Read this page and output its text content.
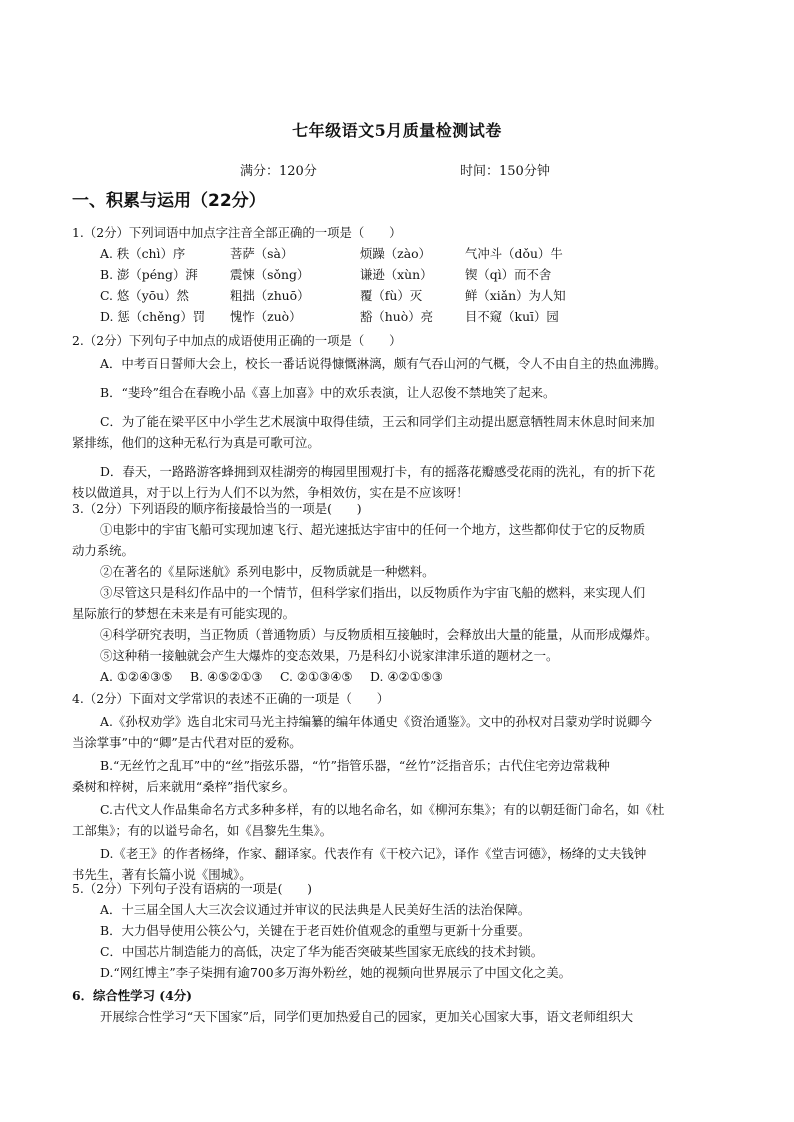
七年级语文5月质量检测试卷
满分：120分	时间：150分钟
一、积累与运用（22分）

1.（2分）下列词语中加点字注音全部正确的一项是（　　）

A. 秩（chì）序	菩萨（sà）	烦躁（zào）	气冲斗（dǒu）牛
B. 澎（péng）湃	震悚（sǒng）	谦逊（xùn）	锲（qì）而不舍
C. 悠（yōu）然	粗拙（zhuō）	覆（fù）灭	鲜（xiǎn）为人知
D. 惩（chěng）罚	愧怍（zuò）	豁（huò）亮	目不窥（kuī）园

2.（2分）下列句子中加点的成语使用正确的一项是（　　）

A．中考百日誓师大会上，校长一番话说得慷慨淋漓，颇有气吞山河的气概，令人不由自主的热血沸腾。

B．“斐玲”组合在春晚小品《喜上加喜》中的欢乐表演，让人忍俊不禁地笑了起来。

C．为了能在梁平区中小学生艺术展演中取得佳绩，王云和同学们主动提出愿意牺牲周末休息时间来加

紧排练，他们的这种无私行为真是可歌可泣。

D．春天，一路路游客蜂拥到双桂湖旁的梅园里围观打卡，有的摇落花瓣感受花雨的洗礼，有的折下花

枝以做道具，对于以上行为人们不以为然，争相效仿，实在是不应该呀！

3.（2分）下列语段的顺序衔接最恰当的一项是(　　)

①电影中的宇宙飞船可实现加速飞行、超光速抵达宇宙中的任何一个地方，这些都仰仗于它的反物质

动力系统。

②在著名的《星际迷航》系列电影中，反物质就是一种燃料。

③尽管这只是科幻作品中的一个情节，但科学家们指出，以反物质作为宇宙飞船的燃料，来实现人们

星际旅行的梦想在未来是有可能实现的。

④科学研究表明，当正物质（普通物质）与反物质相互接触时，会释放出大量的能量，从而形成爆炸。

⑤这种稍一接触就会产生大爆炸的变态效果，乃是科幻小说家津津乐道的题材之一。

A. ①②④③⑤	B. ④⑤②①③	C. ②①③④⑤	D. ④②①⑤③

4.（2分）下面对文学常识的表述不正确的一项是（　　）

A.《孙权劝学》选自北宋司马光主持编纂的编年体通史《资治通鉴》。文中的孙权对吕蒙劝学时说卿今

当涂掌事”中的“卿”是古代君对臣的爱称。

B.“无丝竹之乱耳”中的“丝”指弦乐器，“竹”指管乐器，“丝竹”泛指音乐；古代住宅旁边常栽种

桑树和梓树，后来就用“桑梓”指代家乡。

C.古代文人作品集命名方式多种多样，有的以地名命名，如《柳河东集》；有的以朝廷衙门命名，如《杜

工部集》；有的以谥号命名，如《昌黎先生集》。

D.《老王》的作者杨绛，作家、翻译家。代表作有《干校六记》，译作《堂吉诃德》，杨绛的丈夫钱钟

书先生，著有长篇小说《围城》。

5.（2分）下列句子没有语病的一项是(　　)

A．十三届全国人大三次会议通过并审议的民法典是人民美好生活的法治保障。

B．大力倡导使用公筷公勺，关键在于老百姓价值观念的重塑与更新十分重要。

C．中国芯片制造能力的高低，决定了华为能否突破某些国家无底线的技术封锁。

D.“网红博主”李子柒拥有逾700多万海外粉丝，她的视频向世界展示了中国文化之美。

6．综合性学习 (4分)

开展综合性学习“天下国家”后，同学们更加热爱自己的园家，更加关心国家大事，语文老师组织大
